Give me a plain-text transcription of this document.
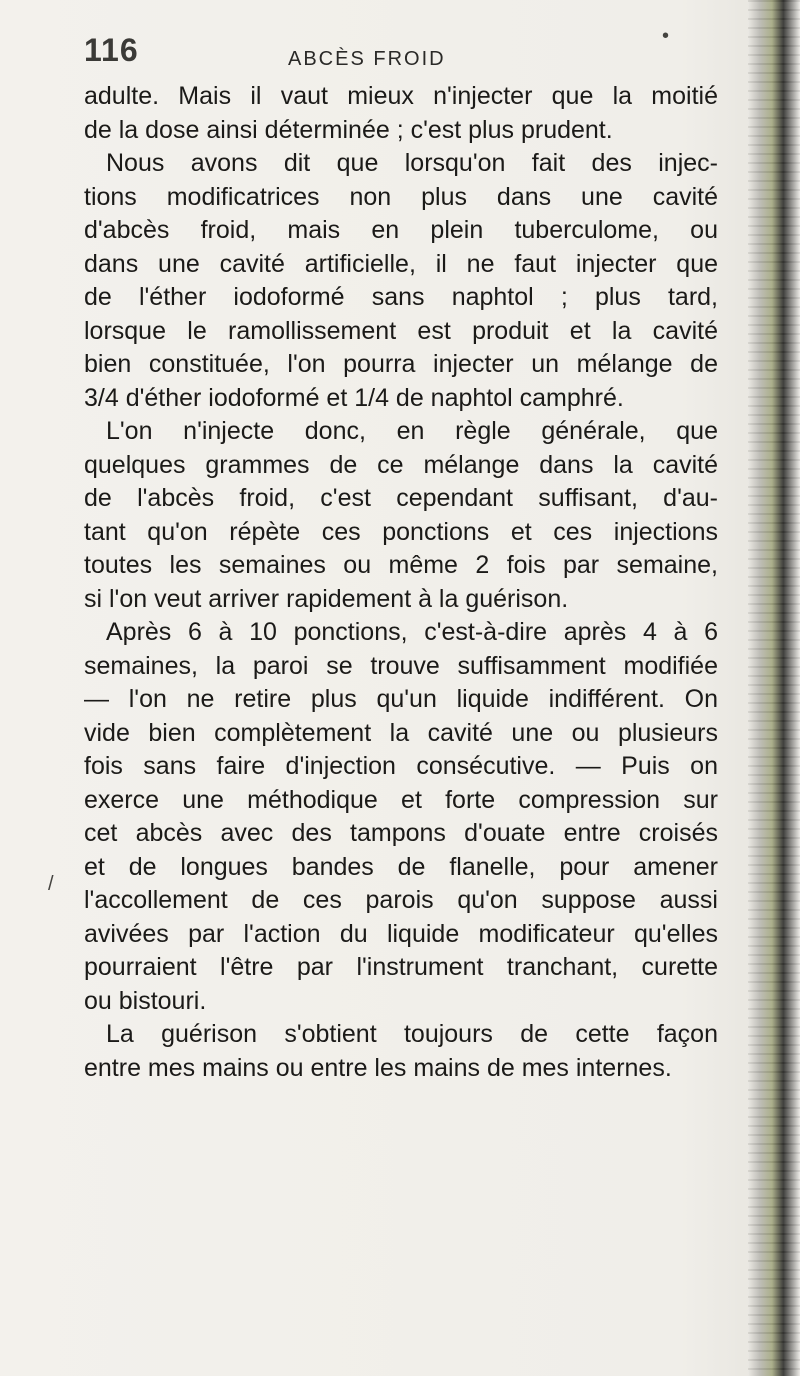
116	ABCÈS FROID
•
/
adulte. Mais il vaut mieux n'injecter que la moitié
de la dose ainsi déterminée ; c'est plus prudent.
Nous avons dit que lorsqu'on fait des injec-
tions modificatrices non plus dans une cavité
d'abcès froid, mais en plein tuberculome, ou
dans une cavité artificielle, il ne faut injecter que
de l'éther iodoformé sans naphtol ; plus tard,
lorsque le ramollissement est produit et la cavité
bien constituée, l'on pourra injecter un mélange de
3/4 d'éther iodoformé et 1/4 de naphtol camphré.
L'on n'injecte donc, en règle générale, que
quelques grammes de ce mélange dans la cavité
de l'abcès froid, c'est cependant suffisant, d'au-
tant qu'on répète ces ponctions et ces injections
toutes les semaines ou même 2 fois par semaine,
si l'on veut arriver rapidement à la guérison.
Après 6 à 10 ponctions, c'est-à-dire après 4 à 6
semaines, la paroi se trouve suffisamment modifiée
— l'on ne retire plus qu'un liquide indifférent. On
vide bien complètement la cavité une ou plusieurs
fois sans faire d'injection consécutive. — Puis on
exerce une méthodique et forte compression sur
cet abcès avec des tampons d'ouate entre croisés
et de longues bandes de flanelle, pour amener
l'accollement de ces parois qu'on suppose aussi
avivées par l'action du liquide modificateur qu'elles
pourraient l'être par l'instrument tranchant, curette
ou bistouri.
La guérison s'obtient toujours de cette façon
entre mes mains ou entre les mains de mes internes.
